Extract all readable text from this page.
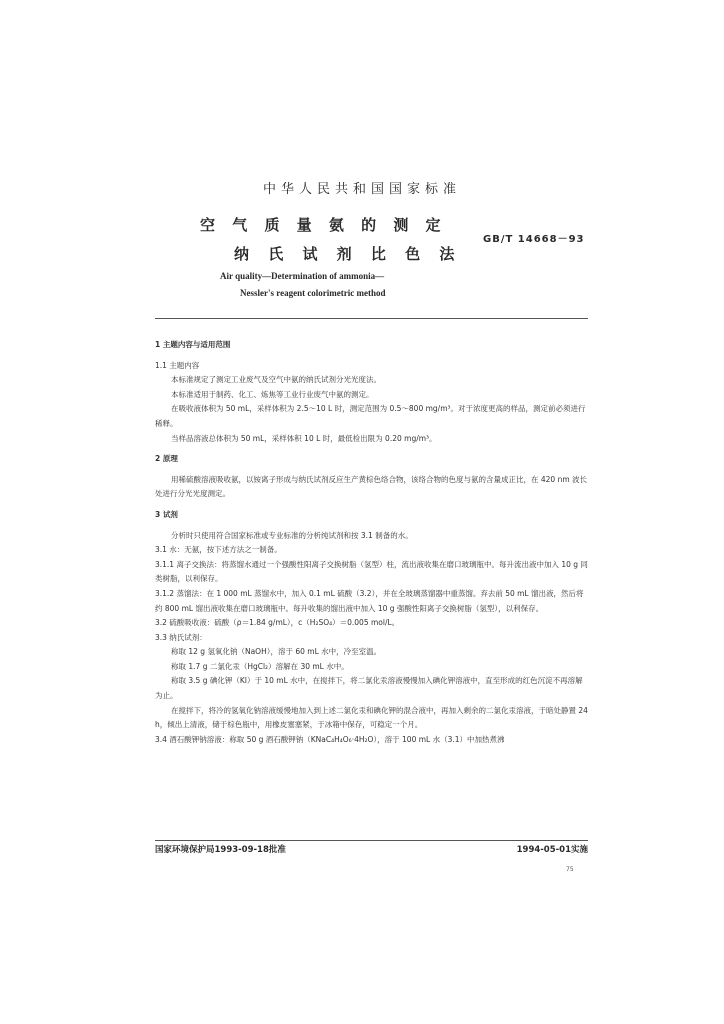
中华人民共和国国家标准
空 气 质 量 氨 的 测 定
纳 氏 试 剂 比 色 法
GB/T 14668－93
Air quality—Determination of ammonia—
Nessler's reagent colorimetric method

1 主题内容与适用范围

1.1 主题内容

本标准规定了测定工业废气及空气中氨的纳氏试剂分光光度法。

本标准适用于制药、化工、炼焦等工业行业废气中氨的测定。

在吸收液体积为 50 mL，采样体积为 2.5～10 L 时，测定范围为 0.5～800 mg/m³。对于浓度更高的样品，测定前必须进行稀释。

当样品溶液总体积为 50 mL，采样体积 10 L 时，最低检出限为 0.20 mg/m³。

2 原理

用稀硫酸溶液吸收氨，以铵离子形成与纳氏试剂反应生产黄棕色络合物，该络合物的色度与氨的含量成正比，在 420 nm 波长处进行分光光度测定。

3 试剂

分析时只使用符合国家标准或专业标准的分析纯试剂和按 3.1 制备的水。

3.1 水：无氨，按下述方法之一制备。

3.1.1 离子交换法：将蒸馏水通过一个强酸性阳离子交换树脂（氢型）柱，流出液收集在磨口玻璃瓶中。每升流出液中加入 10 g 同类树脂，以利保存。

3.1.2 蒸馏法：在 1 000 mL 蒸馏水中，加入 0.1 mL 硫酸（3.2），并在全玻璃蒸馏器中重蒸馏。弃去前 50 mL 馏出液，然后将约 800 mL 馏出液收集在磨口玻璃瓶中。每升收集的馏出液中加入 10 g 强酸性阳离子交换树脂（氢型），以利保存。

3.2 硫酸吸收液：硫酸（ρ＝1.84 g/mL），c（H₂SO₄）＝0.005 mol/L。

3.3 纳氏试剂：

称取 12 g 氢氧化钠（NaOH），溶于 60 mL 水中，冷至室温。

称取 1.7 g 二氯化汞（HgCl₂）溶解在 30 mL 水中。

称取 3.5 g 碘化钾（KI）于 10 mL 水中，在搅拌下，将二氯化汞溶液慢慢加入碘化钾溶液中，直至形成的红色沉淀不再溶解为止。

在搅拌下，将冷的氢氧化钠溶液缓慢地加入到上述二氯化汞和碘化钾的混合液中，再加入剩余的二氯化汞溶液，于暗处静置 24 h，倾出上清液，储于棕色瓶中，用橡皮塞塞紧，于冰箱中保存，可稳定一个月。

3.4 酒石酸钾钠溶液：称取 50 g 酒石酸钾钠（KNaC₄H₄O₆·4H₂O），溶于 100 mL 水（3.1）中加热煮沸

国家环境保护局1993-09-18批准	1994-05-01实施
75
